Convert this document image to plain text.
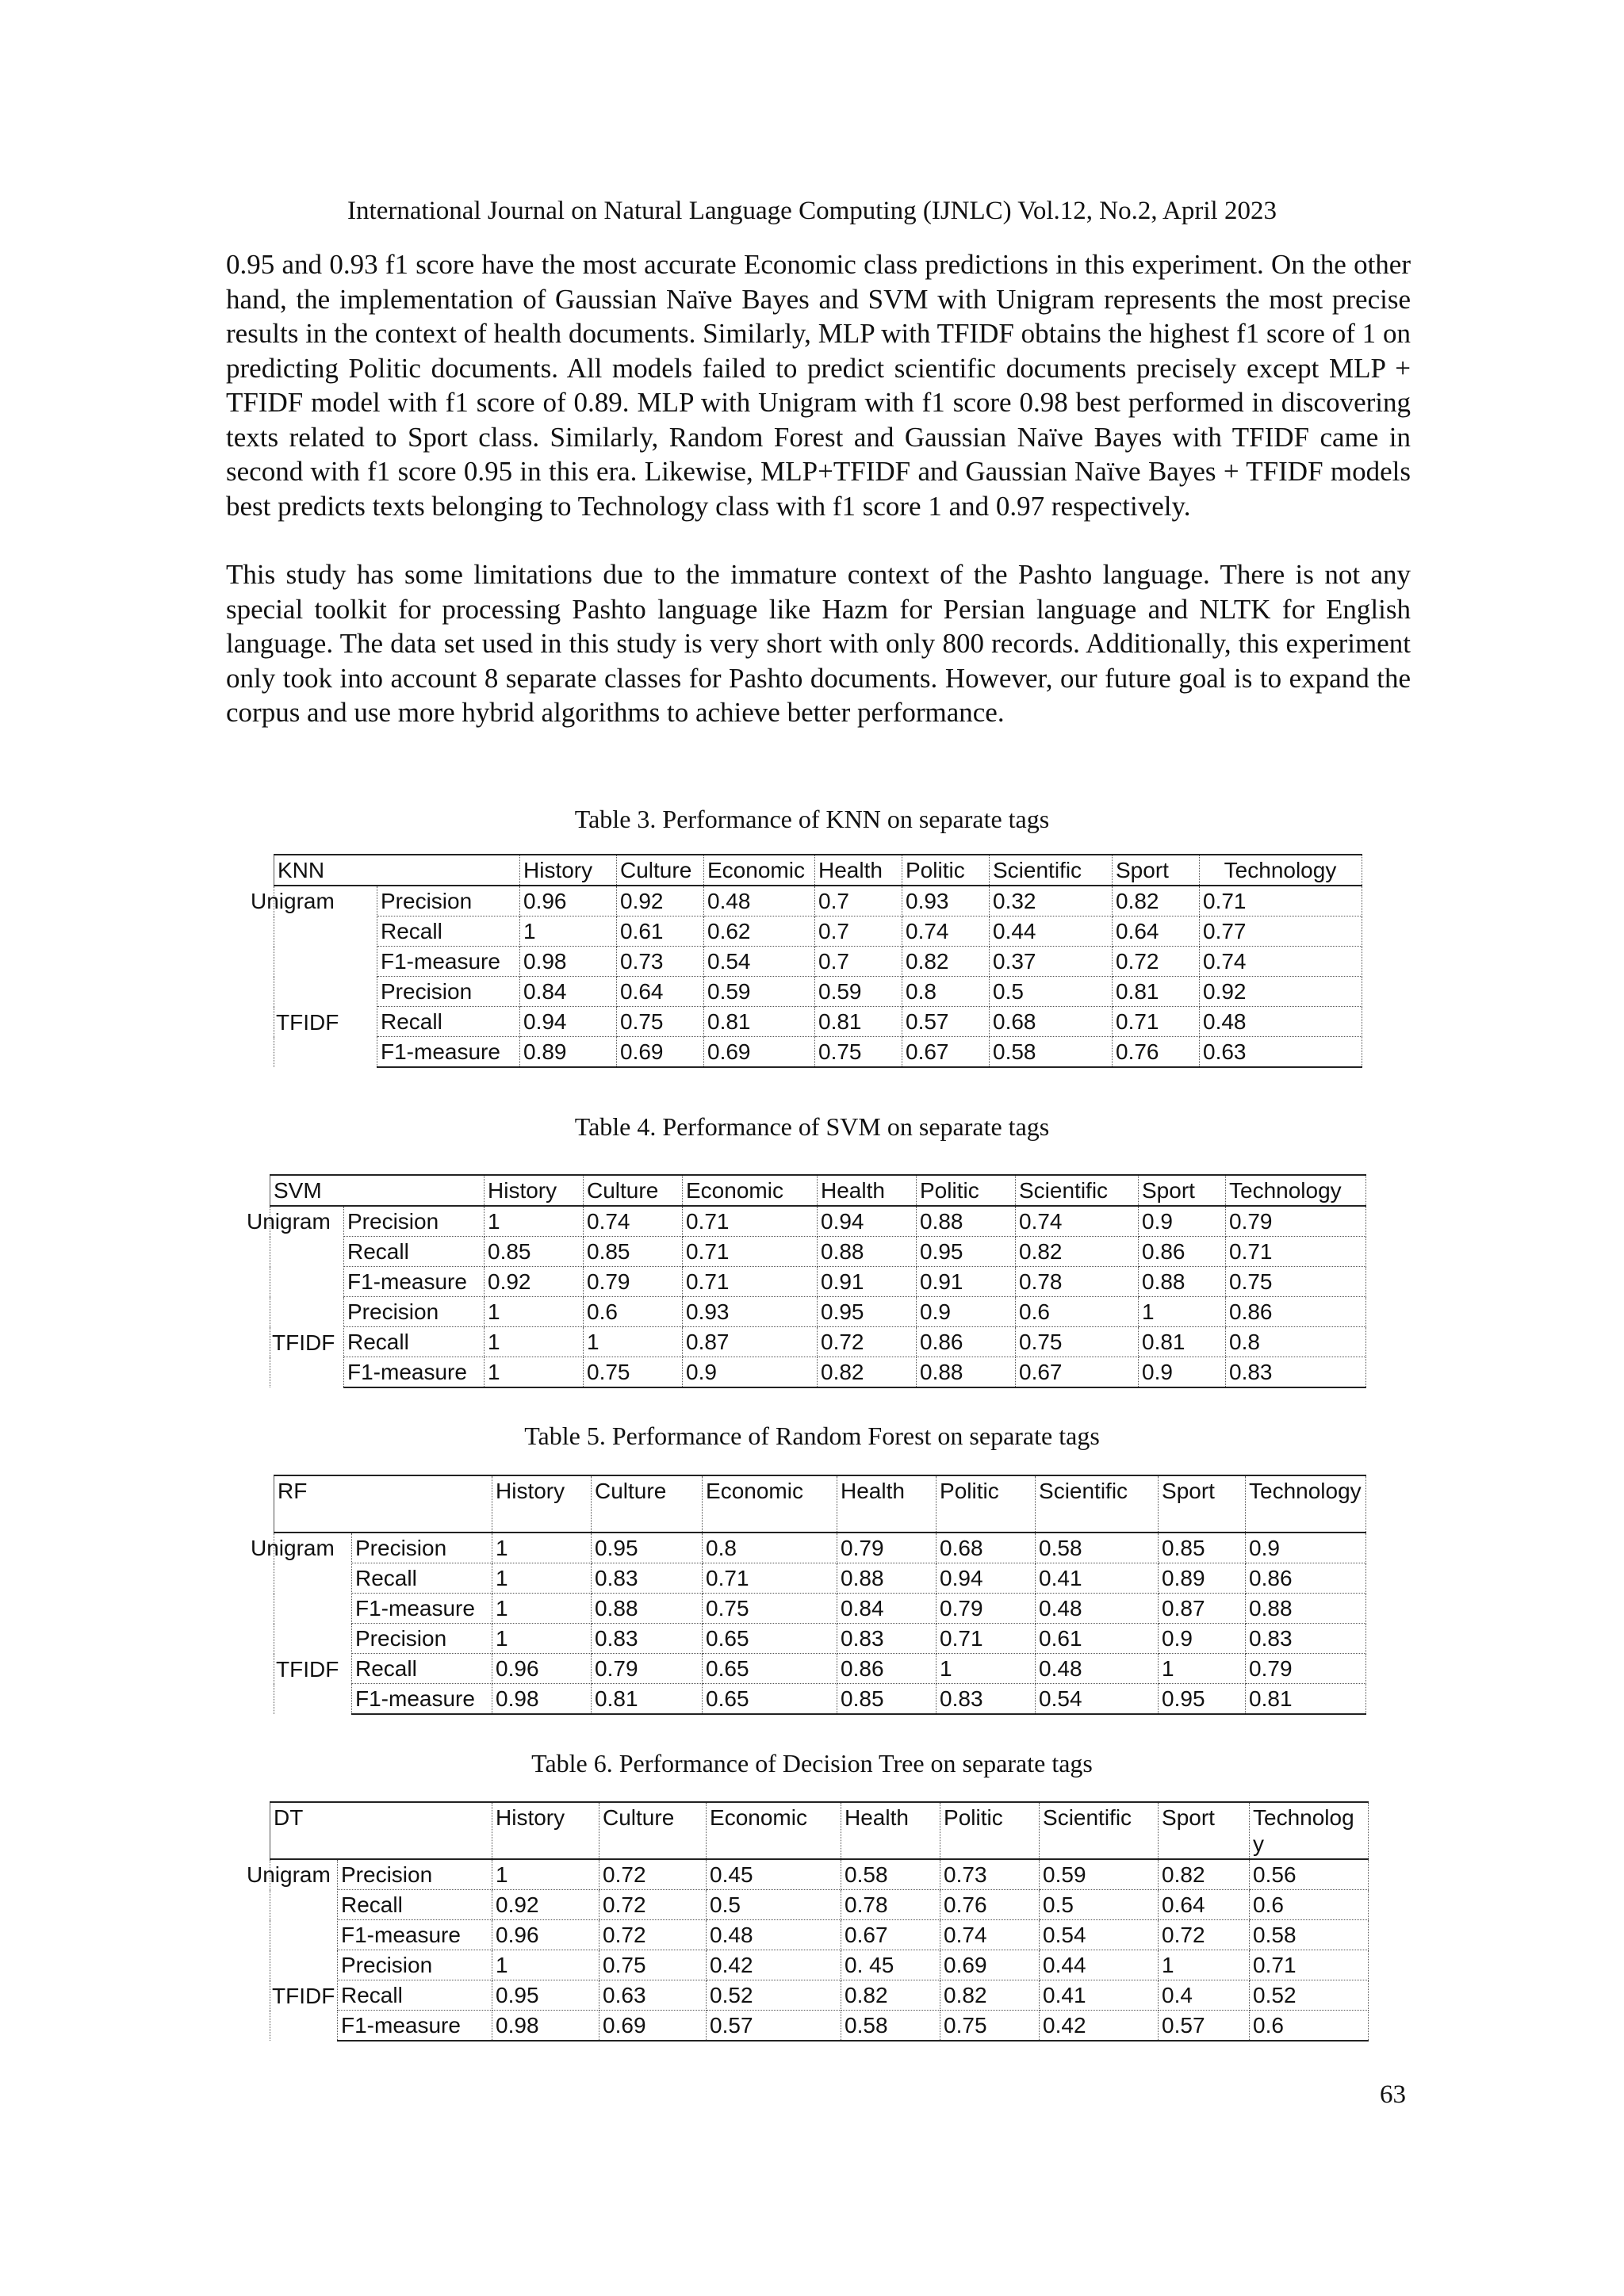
International Journal on Natural Language Computing (IJNLC) Vol.12, No.2, April 2023

0.95 and 0.93 f1 score have the most accurate Economic class predictions in this experiment. On the other hand, the implementation of Gaussian Naïve Bayes and SVM with Unigram represents the most precise results in the context of health documents. Similarly, MLP with TFIDF obtains the highest f1 score of 1 on predicting Politic documents. All models failed to predict scientific documents precisely except MLP + TFIDF model with f1 score of 0.89. MLP with Unigram with f1 score 0.98 best performed in discovering texts related to Sport class. Similarly, Random Forest and Gaussian Naïve Bayes with TFIDF came in second with f1 score 0.95 in this era. Likewise, MLP+TFIDF and Gaussian Naïve Bayes + TFIDF models best predicts texts belonging to Technology class with f1 score 1 and 0.97 respectively.

This study has some limitations due to the immature context of the Pashto language. There is not any special toolkit for processing Pashto language like Hazm for Persian language and NLTK for English language. The data set used in this study is very short with only 800 records. Additionally, this experiment only took into account 8 separate classes for Pashto documents. However, our future goal is to expand the corpus and use more hybrid algorithms to achieve better performance.

Table 3. Performance of KNN on separate tags
KNN		History	Culture	Economic	Health	Politic	Scientific	Sport	Technology
Unigram	Precision	0.96	0.92	0.48	0.7	0.93	0.32	0.82	0.71
	Recall	1	0.61	0.62	0.7	0.74	0.44	0.64	0.77
	F1-measure	0.98	0.73	0.54	0.7	0.82	0.37	0.72	0.74
TFIDF	Precision	0.84	0.64	0.59	0.59	0.8	0.5	0.81	0.92
	Recall	0.94	0.75	0.81	0.81	0.57	0.68	0.71	0.48
	F1-measure	0.89	0.69	0.69	0.75	0.67	0.58	0.76	0.63
Table 4. Performance of SVM on separate tags
SVM		History	Culture	Economic	Health	Politic	Scientific	Sport	Technology
Unigram	Precision	1	0.74	0.71	0.94	0.88	0.74	0.9	0.79
	Recall	0.85	0.85	0.71	0.88	0.95	0.82	0.86	0.71
	F1-measure	0.92	0.79	0.71	0.91	0.91	0.78	0.88	0.75
TFIDF	Precision	1	0.6	0.93	0.95	0.9	0.6	1	0.86
	Recall	1	1	0.87	0.72	0.86	0.75	0.81	0.8
	F1-measure	1	0.75	0.9	0.82	0.88	0.67	0.9	0.83
Table 5. Performance of Random Forest on separate tags
RF		History	Culture	Economic	Health	Politic	Scientific	Sport	Technology
Unigram	Precision	1	0.95	0.8	0.79	0.68	0.58	0.85	0.9
	Recall	1	0.83	0.71	0.88	0.94	0.41	0.89	0.86
	F1-measure	1	0.88	0.75	0.84	0.79	0.48	0.87	0.88
TFIDF	Precision	1	0.83	0.65	0.83	0.71	0.61	0.9	0.83
	Recall	0.96	0.79	0.65	0.86	1	0.48	1	0.79
	F1-measure	0.98	0.81	0.65	0.85	0.83	0.54	0.95	0.81
Table 6. Performance of Decision Tree on separate tags
DT		History	Culture	Economic	Health	Politic	Scientific	Sport	Technology
Unigram	Precision	1	0.72	0.45	0.58	0.73	0.59	0.82	0.56
	Recall	0.92	0.72	0.5	0.78	0.76	0.5	0.64	0.6
	F1-measure	0.96	0.72	0.48	0.67	0.74	0.54	0.72	0.58
TFIDF	Precision	1	0.75	0.42	0. 45	0.69	0.44	1	0.71
	Recall	0.95	0.63	0.52	0.82	0.82	0.41	0.4	0.52
	F1-measure	0.98	0.69	0.57	0.58	0.75	0.42	0.57	0.6
63
